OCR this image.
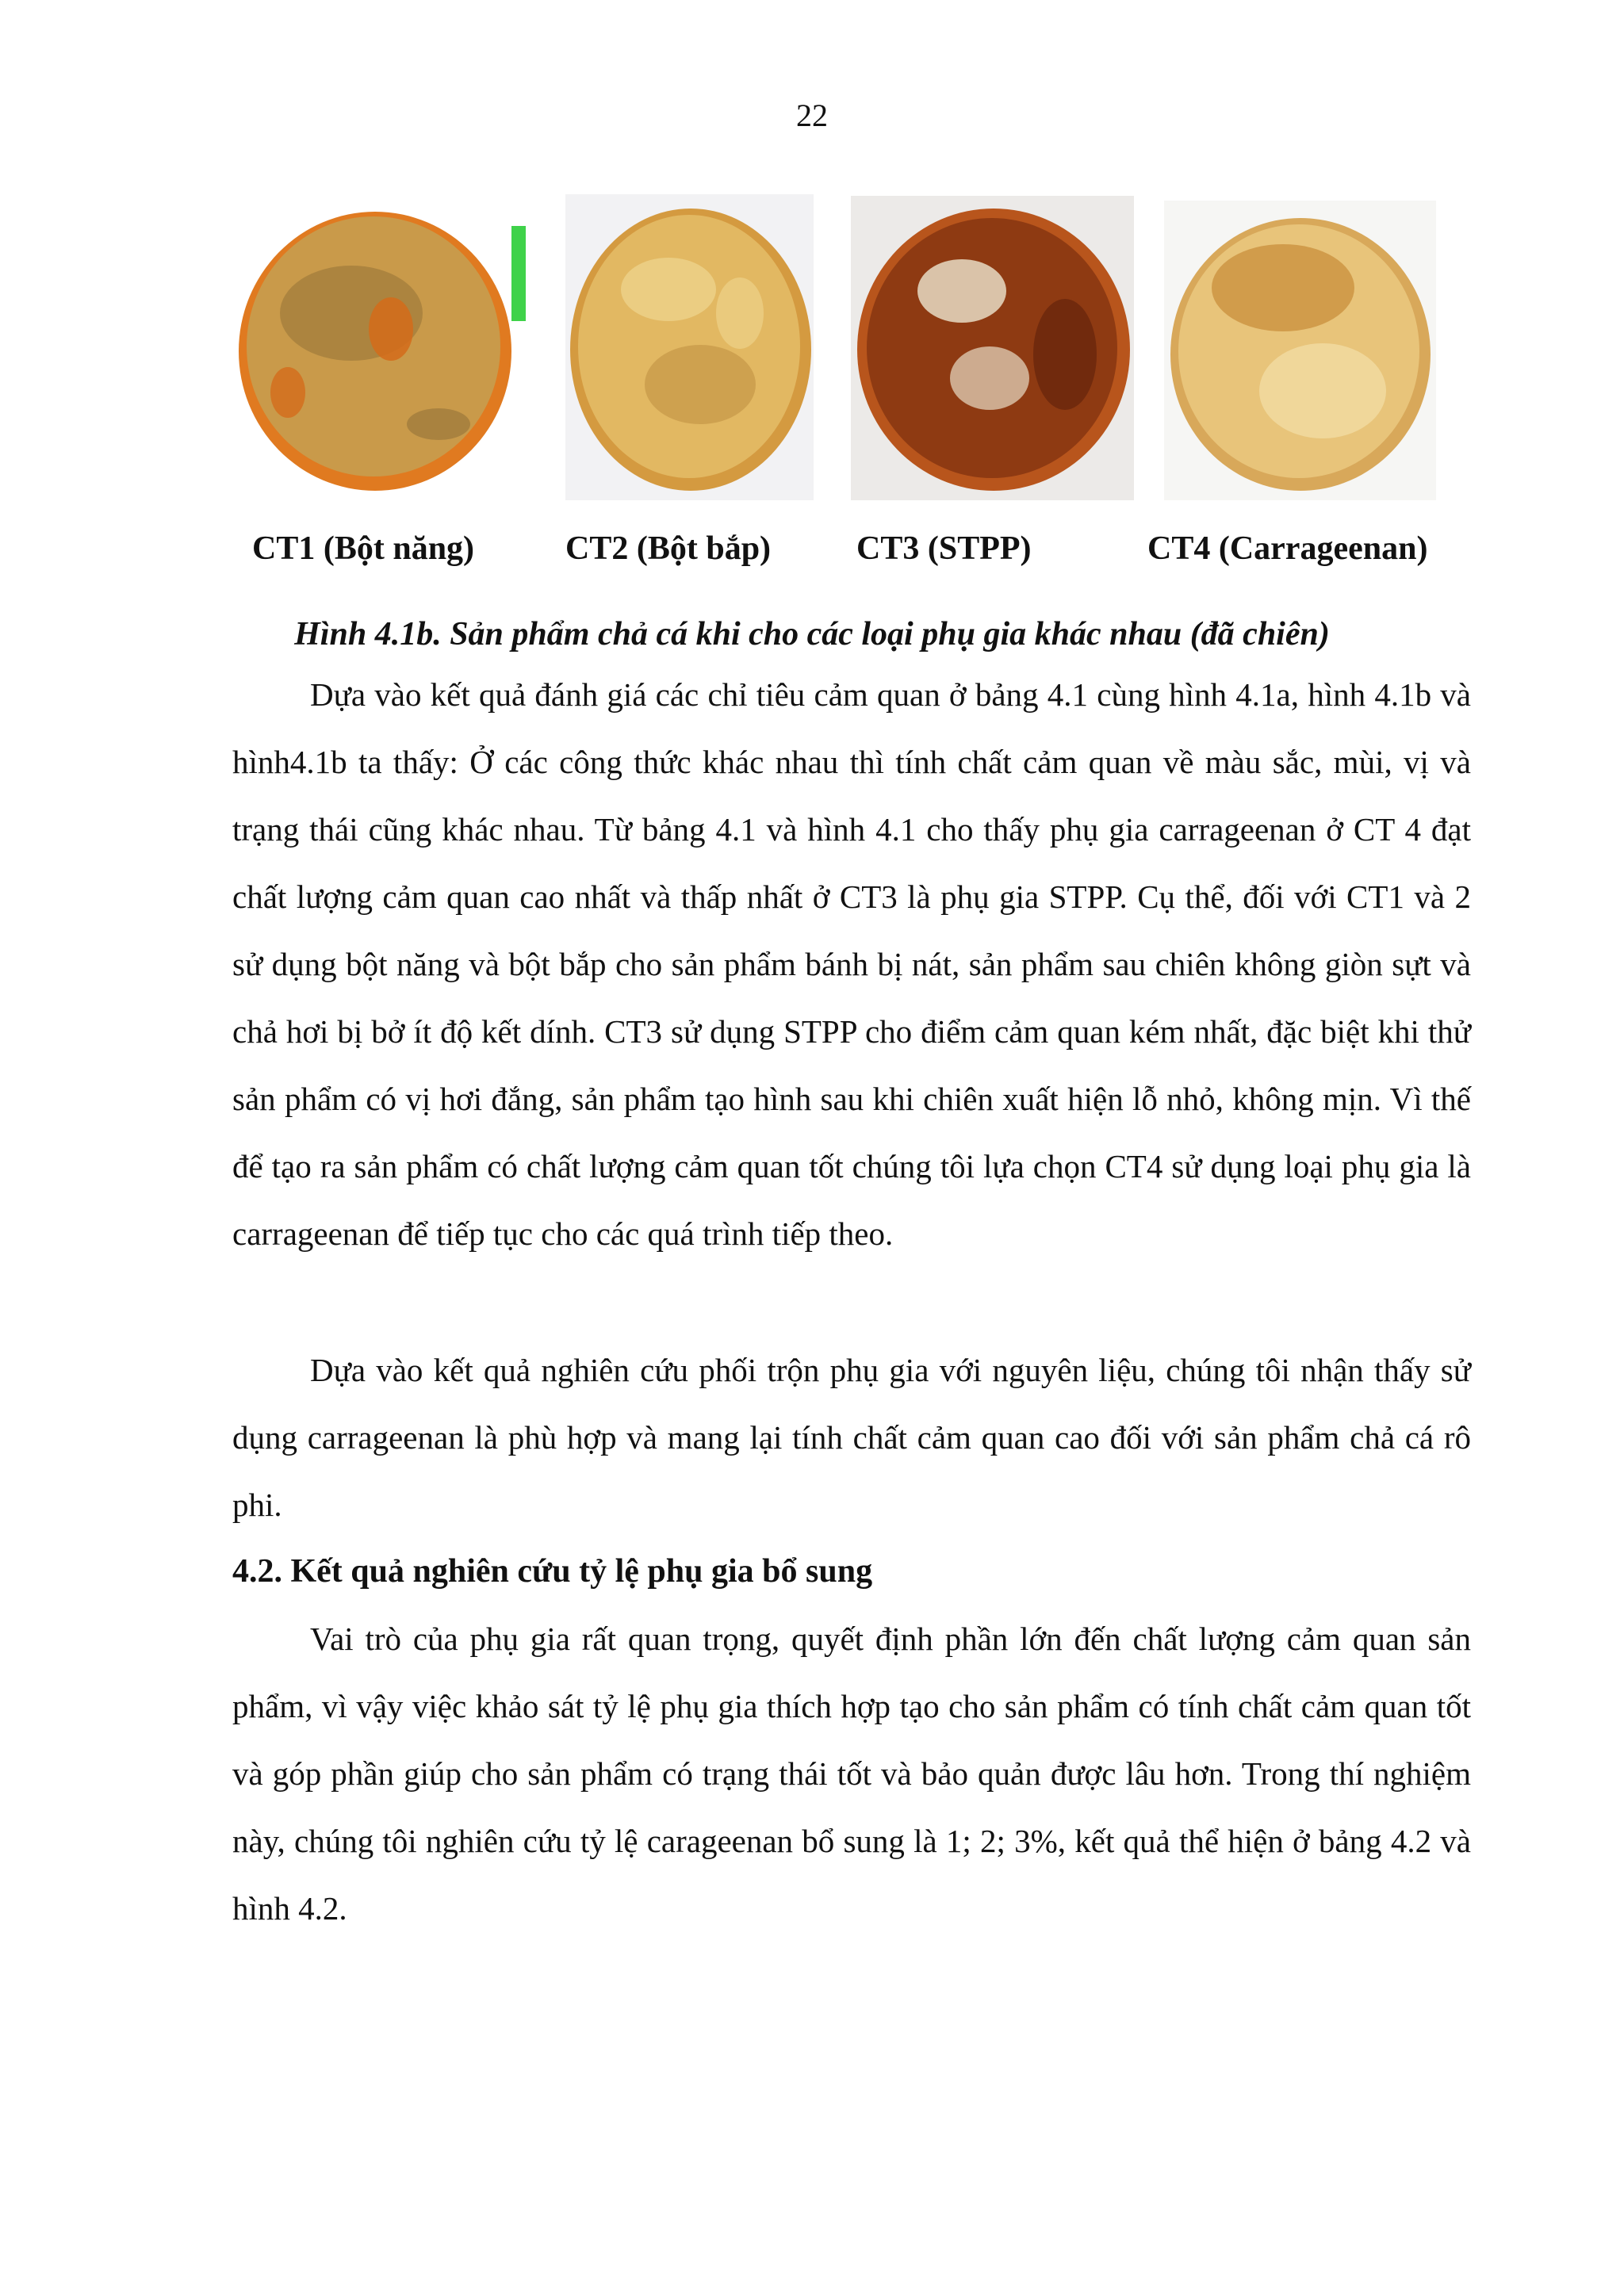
22
CT1 (Bột năng)	CT2 (Bột bắp)	CT3 (STPP)	CT4 (Carrageenan)
Hình 4.1b. Sản phẩm chả cá khi cho các loại phụ gia khác nhau (đã chiên)

Dựa vào kết quả đánh giá các chỉ tiêu cảm quan ở bảng 4.1 cùng hình 4.1a, hình 4.1b và hình4.1b ta thấy: Ở các công thức khác nhau thì tính chất cảm quan về màu sắc, mùi, vị và trạng thái cũng khác nhau. Từ bảng 4.1 và hình 4.1 cho thấy phụ gia carrageenan ở CT 4 đạt chất lượng cảm quan cao nhất và thấp nhất ở CT3 là phụ gia STPP. Cụ thể, đối với CT1 và 2 sử dụng bột năng và bột bắp cho sản phẩm bánh bị nát, sản phẩm sau chiên không giòn sựt và chả hơi bị bở ít độ kết dính. CT3 sử dụng STPP cho điểm cảm quan kém nhất, đặc biệt khi thử sản phẩm có vị hơi đắng, sản phẩm tạo hình sau khi chiên xuất hiện lỗ nhỏ, không mịn. Vì thế để tạo ra sản phẩm có chất lượng cảm quan tốt chúng tôi lựa chọn CT4 sử dụng loại phụ gia là carrageenan để tiếp tục cho các quá trình tiếp theo.

Dựa vào kết quả nghiên cứu phối trộn phụ gia với nguyên liệu, chúng tôi nhận thấy sử dụng carrageenan là phù hợp và mang lại tính chất cảm quan cao đối với sản phẩm chả cá rô phi.

4.2. Kết quả nghiên cứu tỷ lệ phụ gia bổ sung

Vai trò của phụ gia rất quan trọng, quyết định phần lớn đến chất lượng cảm quan sản phẩm, vì vậy việc khảo sát tỷ lệ phụ gia thích hợp tạo cho sản phẩm có tính chất cảm quan tốt và góp phần giúp cho sản phẩm có trạng thái tốt và bảo quản được lâu hơn. Trong thí nghiệm này, chúng tôi nghiên cứu tỷ lệ carageenan bổ sung là 1; 2; 3%, kết quả thể hiện ở bảng 4.2 và hình 4.2.
